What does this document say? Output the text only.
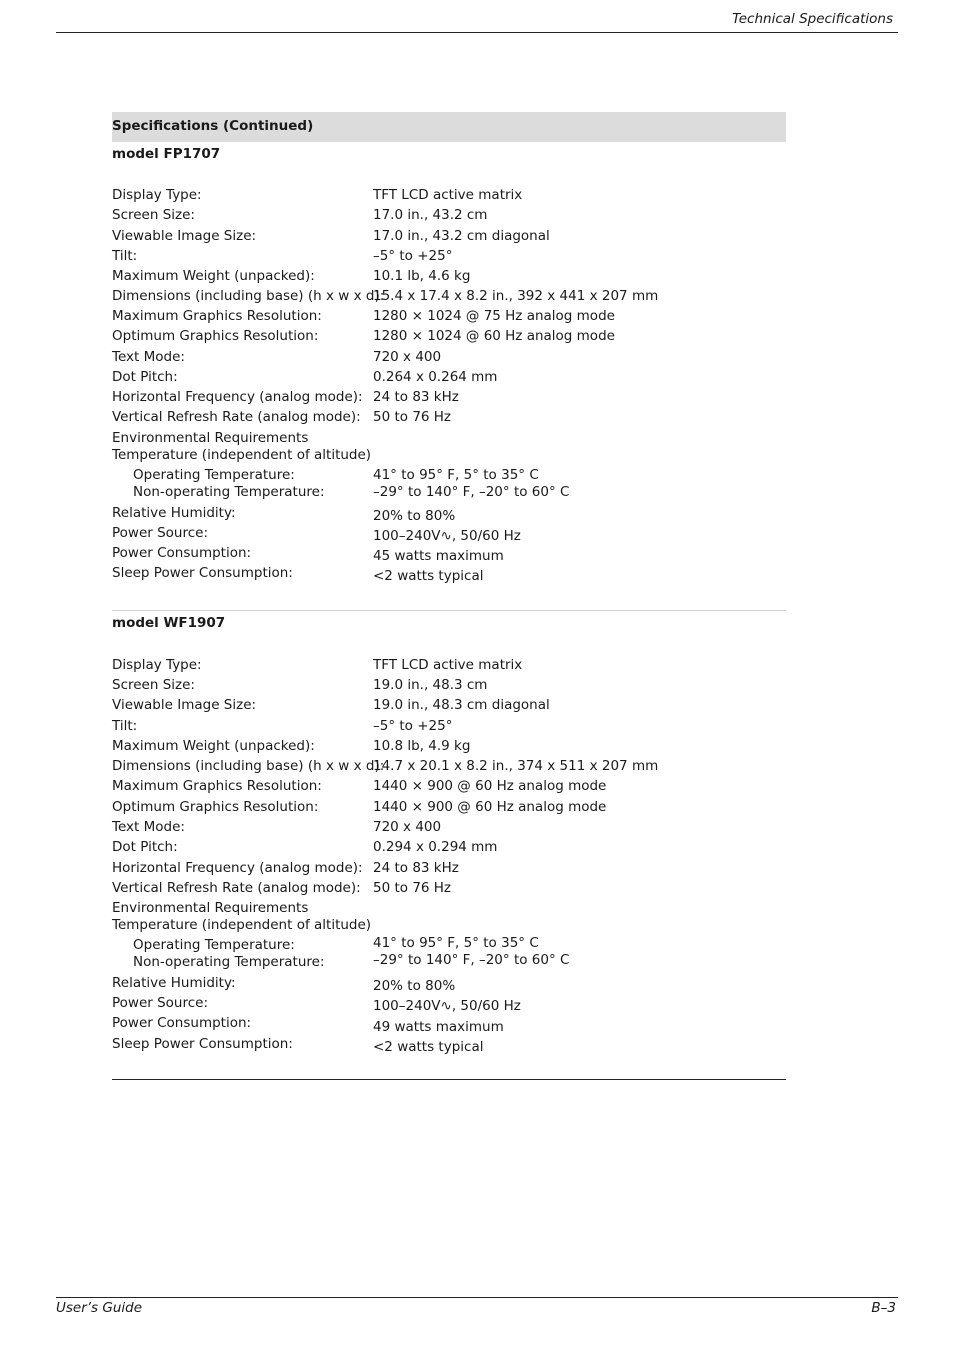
Technical Specifications
Specifications (Continued)
model FP1707
Display Type:	TFT LCD active matrix
Screen Size:	17.0 in., 43.2 cm
Viewable Image Size:	17.0 in., 43.2 cm diagonal
Tilt:	–5° to +25°
Maximum Weight (unpacked):	10.1 lb, 4.6 kg
Dimensions (including base) (h x w x d):
15.4 x 17.4 x 8.2 in., 392 x 441 x 207 mm
Maximum Graphics Resolution:	1280 × 1024 @ 75 Hz analog mode
Optimum Graphics Resolution:	1280 × 1024 @ 60 Hz analog mode
Text Mode:	720 x 400
Dot Pitch:	0.264 x 0.264 mm
Horizontal Frequency (analog mode): 24 to 83 kHz
Vertical Refresh Rate (analog mode): 50 to 76 Hz
Environmental Requirements
Temperature (independent of altitude)
Operating Temperature:	41° to 95° F, 5° to 35° C
Non-operating Temperature:	–29° to 140° F, –20° to 60° C
Relative Humidity:	20% to 80%
Power Source:	100–240V∿, 50/60 Hz
Power Consumption:	45 watts maximum
Sleep Power Consumption:	<2 watts typical
model WF1907
Display Type:	TFT LCD active matrix
Screen Size:	19.0 in., 48.3 cm
Viewable Image Size:	19.0 in., 48.3 cm diagonal
Tilt:	–5° to +25°
Maximum Weight (unpacked):	10.8 lb, 4.9 kg
Dimensions (including base) (h x w x d):
14.7 x 20.1 x 8.2 in., 374 x 511 x 207 mm
Maximum Graphics Resolution:	1440 × 900 @ 60 Hz analog mode
Optimum Graphics Resolution:	1440 × 900 @ 60 Hz analog mode
Text Mode:	720 x 400
Dot Pitch:	0.294 x 0.294 mm
Horizontal Frequency (analog mode): 24 to 83 kHz
Vertical Refresh Rate (analog mode): 50 to 76 Hz
Environmental Requirements
Temperature (independent of altitude)
Operating Temperature:	41° to 95° F, 5° to 35° C
Non-operating Temperature:	–29° to 140° F, –20° to 60° C
Relative Humidity:	20% to 80%
Power Source:	100–240V∿, 50/60 Hz
Power Consumption:	49 watts maximum
Sleep Power Consumption:	<2 watts typical
User’s Guide	B–3
